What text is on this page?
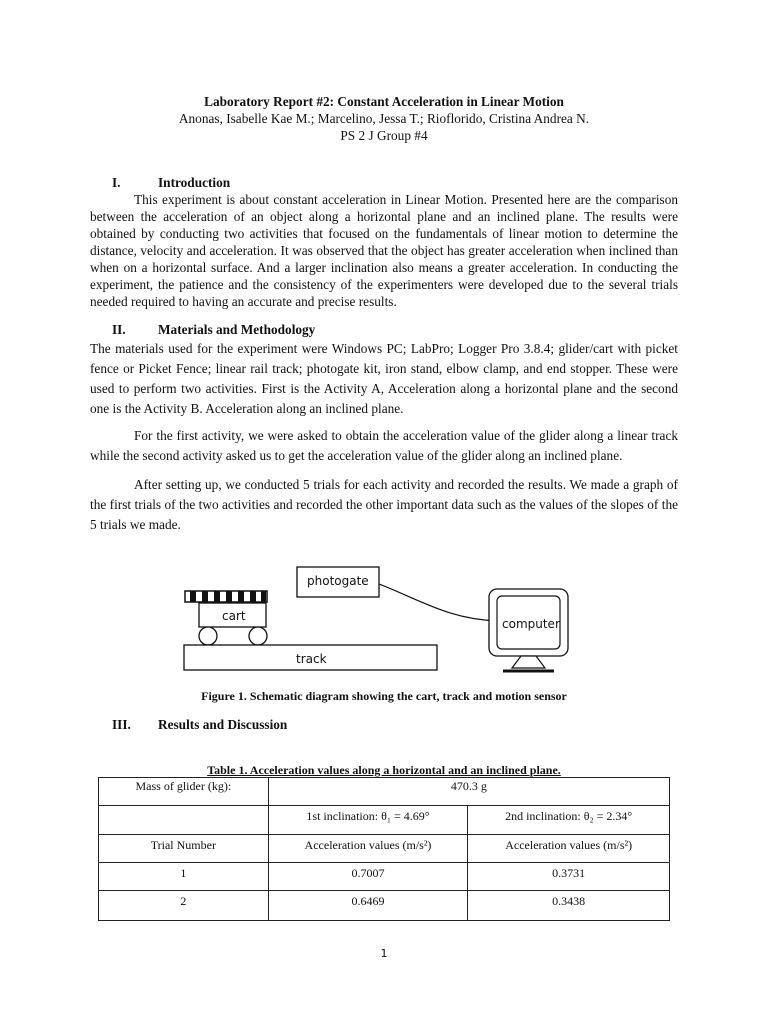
Laboratory Report #2: Constant Acceleration in Linear Motion
Anonas, Isabelle Kae M.; Marcelino, Jessa T.; Rioflorido, Cristina Andrea N.
PS 2 J Group #4
I.	Introduction
This experiment is about constant acceleration in Linear Motion. Presented here are the comparison between the acceleration of an object along a horizontal plane and an inclined plane. The results were obtained by conducting two activities that focused on the fundamentals of linear motion to determine the distance, velocity and acceleration. It was observed that the object has greater acceleration when inclined than when on a horizontal surface. And a larger inclination also means a greater acceleration. In conducting the experiment, the patience and the consistency of the experimenters were developed due to the several trials needed required to having an accurate and precise results.
II. Materials and Methodology
The materials used for the experiment were Windows PC; LabPro; Logger Pro 3.8.4; glider/cart with picket fence or Picket Fence; linear rail track; photogate kit, iron stand, elbow clamp, and end stopper. These were used to perform two activities. First is the Activity A, Acceleration along a horizontal plane and the second one is the Activity B. Acceleration along an inclined plane.
For the first activity, we were asked to obtain the acceleration value of the glider along a linear track while the second activity asked us to get the acceleration value of the glider along an inclined plane.
After setting up, we conducted 5 trials for each activity and recorded the results. We made a graph of the first trials of the two activities and recorded the other important data such as the values of the slopes of the 5 trials we made.
photogate
cart
track
computer
Figure 1. Schematic diagram showing the cart, track and motion sensor
III. Results and Discussion
Table 1. Acceleration values along a horizontal and an inclined plane.
Mass of glider (kg):	470.3 g	
	1st inclination: θ₁ = 4.69°	2nd inclination: θ₂ = 2.34°
Trial Number	Acceleration values (m/s²)	Acceleration values (m/s²)
1	0.7007	0.3731
2	0.6469	0.3438
1
